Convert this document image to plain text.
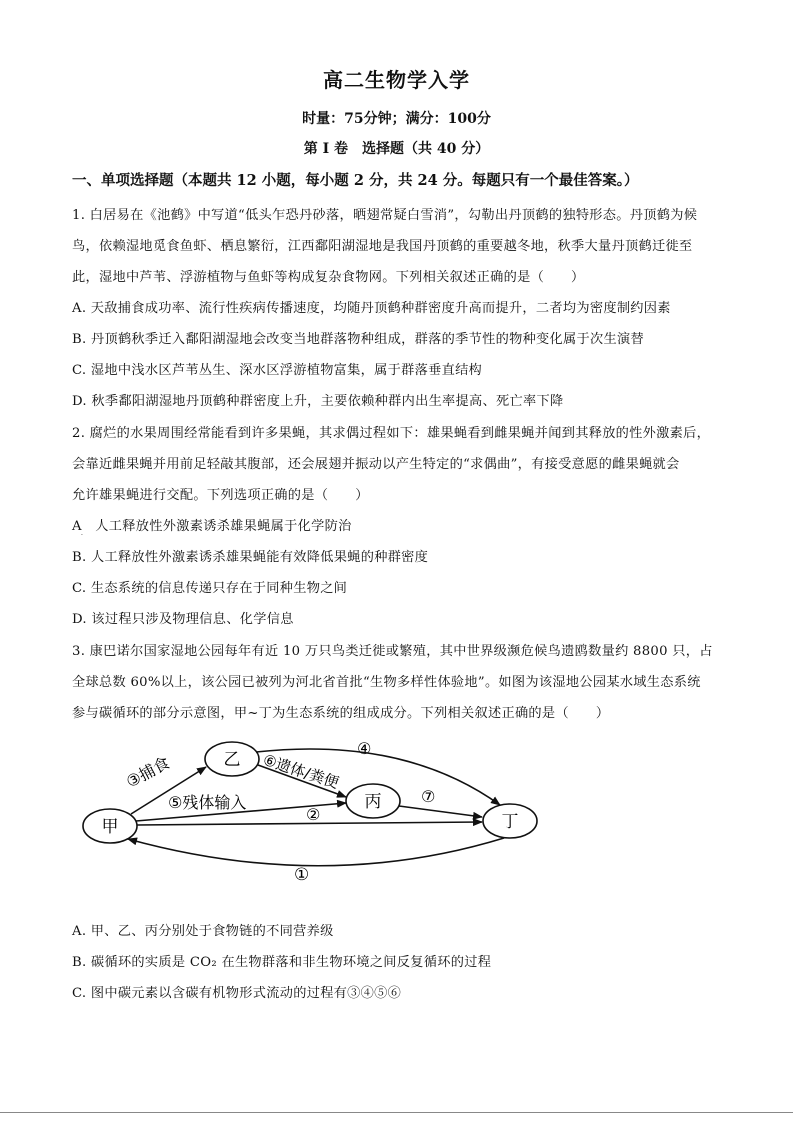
高二生物学入学
时量：75分钟；满分：100分
第 I 卷　选择题（共 40 分）
一、单项选择题（本题共 12 小题，每小题 2 分，共 24 分。每题只有一个最佳答案。）
1. 白居易在《池鹤》中写道“低头乍恐丹砂落，晒翅常疑白雪消”，勾勒出丹顶鹤的独特形态。丹顶鹤为候
鸟，依赖湿地觅食鱼虾、栖息繁衍，江西鄱阳湖湿地是我国丹顶鹤的重要越冬地，秋季大量丹顶鹤迁徙至
此，湿地中芦苇、浮游植物与鱼虾等构成复杂食物网。下列相关叙述正确的是（　　）
A. 天敌捕食成功率、流行性疾病传播速度，均随丹顶鹤种群密度升高而提升，二者均为密度制约因素
B. 丹顶鹤秋季迁入鄱阳湖湿地会改变当地群落物种组成，群落的季节性的物种变化属于次生演替
C. 湿地中浅水区芦苇丛生、深水区浮游植物富集，属于群落垂直结构
D. 秋季鄱阳湖湿地丹顶鹤种群密度上升，主要依赖种群内出生率提高、死亡率下降
2. 腐烂的水果周围经常能看到许多果蝇，其求偶过程如下：雄果蝇看到雌果蝇并闻到其释放的性外激素后，
会靠近雌果蝇并用前足轻敲其腹部，还会展翅并振动以产生特定的“求偶曲”，有接受意愿的雌果蝇就会
允许雄果蝇进行交配。下列选项正确的是（　　）
A　人工释放性外激素诱杀雄果蝇属于化学防治
·
B. 人工释放性外激素诱杀雄果蝇能有效降低果蝇的种群密度
C. 生态系统的信息传递只存在于同种生物之间
D. 该过程只涉及物理信息、化学信息
3. 康巴诺尔国家湿地公园每年有近 10 万只鸟类迁徙或繁殖，其中世界级濒危候鸟遗鸥数量约 8800 只，占
全球总数 60%以上，该公园已被列为河北省首批“生物多样性体验地”。如图为该湿地公园某水域生态系统
参与碳循环的部分示意图，甲~丁为生态系统的组成成分。下列相关叙述正确的是（　　）
甲
乙
丙
丁
③捕食
④
⑥遗体/粪便
⑤残体输入
②
⑦
①
A. 甲、乙、丙分别处于食物链的不同营养级
B. 碳循环的实质是 CO₂ 在生物群落和非生物环境之间反复循环的过程
C. 图中碳元素以含碳有机物形式流动的过程有③④⑤⑥
